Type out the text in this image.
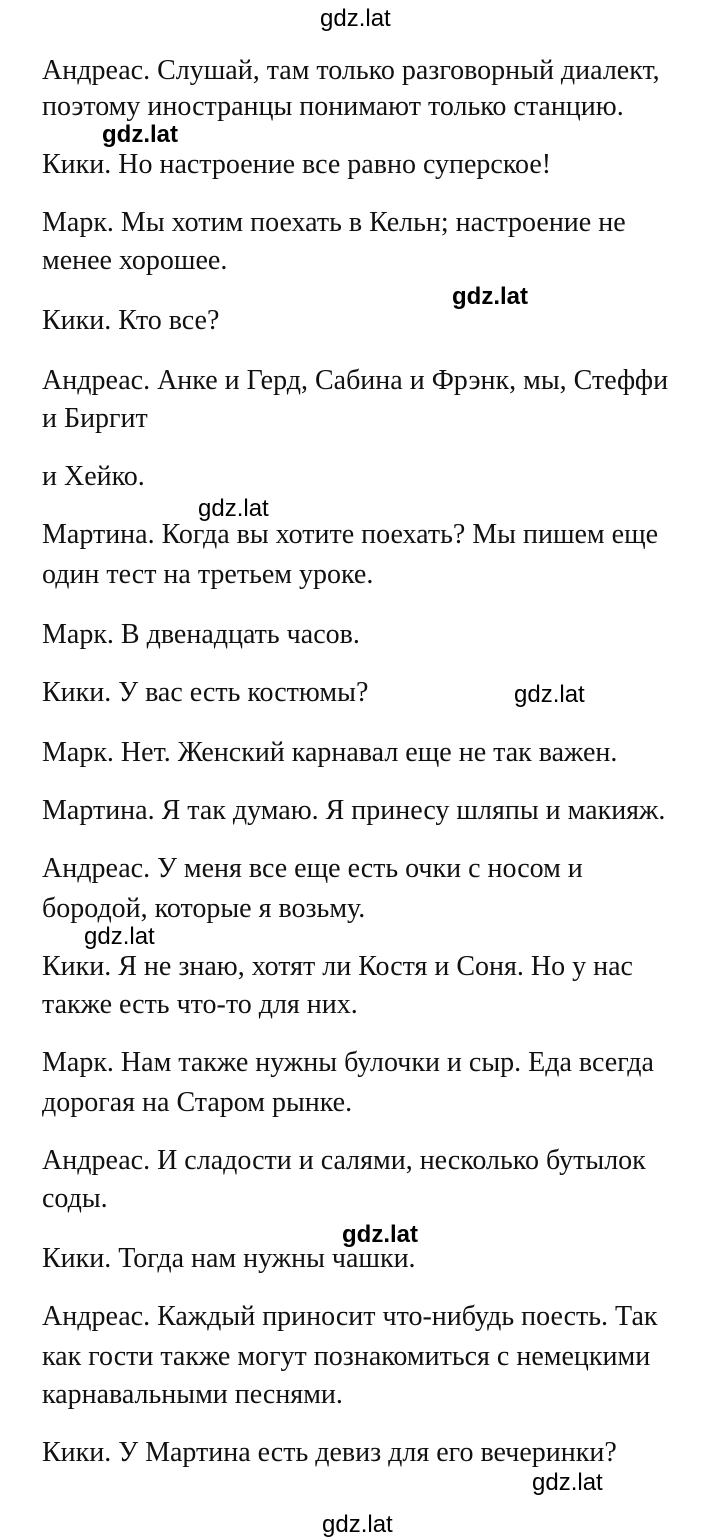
gdz.lat
Андреас. Слушай, там только разговорный диалект,
поэтому иностранцы понимают только станцию.
gdz.lat
Кики. Но настроение все равно суперское!
Марк. Мы хотим поехать в Кельн; настроение не
менее хорошее.
gdz.lat
Кики. Кто все?
Андреас. Анке и Герд, Сабина и Фрэнк, мы, Стеффи
и Биргит
и Хейко.
gdz.lat
Мартина. Когда вы хотите поехать? Мы пишем еще
один тест на третьем уроке.
Марк. В двенадцать часов.
Кики. У вас есть костюмы?	gdz.lat
Марк. Нет. Женский карнавал еще не так важен.
Мартина. Я так думаю. Я принесу шляпы и макияж.
Андреас. У меня все еще есть очки с носом и
бородой, которые я возьму.
gdz.lat
Кики. Я не знаю, хотят ли Костя и Соня. Но у нас
также есть что-то для них.
Марк. Нам также нужны булочки и сыр. Еда всегда
дорогая на Старом рынке.
Андреас. И сладости и салями, несколько бутылок
соды.
gdz.lat
Кики. Тогда нам нужны чашки.
Андреас. Каждый приносит что-нибудь поесть. Так
как гости также могут познакомиться с немецкими
карнавальными песнями.
Кики. У Мартина есть девиз для его вечеринки?
gdz.lat
gdz.lat
